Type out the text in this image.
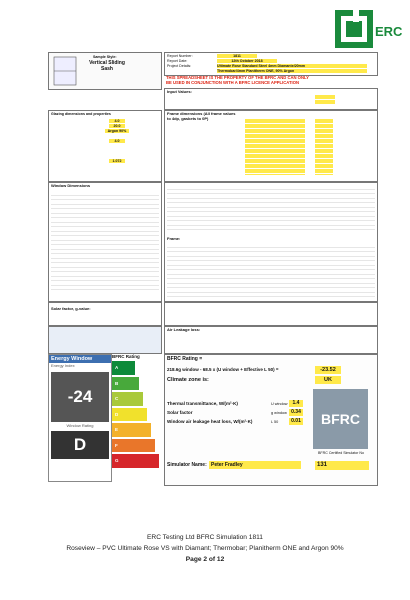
ERC
Sample Style:
Vertical Sliding Sash
Report Number:	1811
Report Date:	12th October 2018
Project Details:	Ultimate Rose Standard Steel 4mm Diamante/20mm
Thermobar/4mm Planitherm ONE, 90% Argon
THIS SPREADSHEET IS THE PROPERTY OF THE BFRC AND CAN ONLY
BE USED IN CONJUNCTION WITH A BFRC LICENCE APPLICATION
Input Values:
Glazing dimensions and properties
4.0
20.0
Argon 90%
4.0
1.072
Frame dimensions (All frame values to 4dp, gaskets to 0P)
Window Dimensions
Frame:
Solar factor, g-value:
Air Leakage loss:
Energy Window
Energy Index
-24
Window Rating
D
BFRC Rating
A
B
C
D
E
F
G
BFRC Rating =
218.6g window - 68.5 x (U window + Effective L 50) =	-23.52
Climate zone is:	UK
Thermal transmittance, W/(m²·K)	U window	1.4
Solar factor	g window 0.34
Window air leakage heat loss, W/(m²·K)	L 50	0.01	BFRC
BFRC Certified Simulator No
Simulator Name: Peter Fradley	131
ERC Testing Ltd BFRC Simulation 1811
Roseview – PVC Ultimate Rose VS with Diamant; Thermobar; Planitherm ONE and Argon 90%
Page 2 of 12
